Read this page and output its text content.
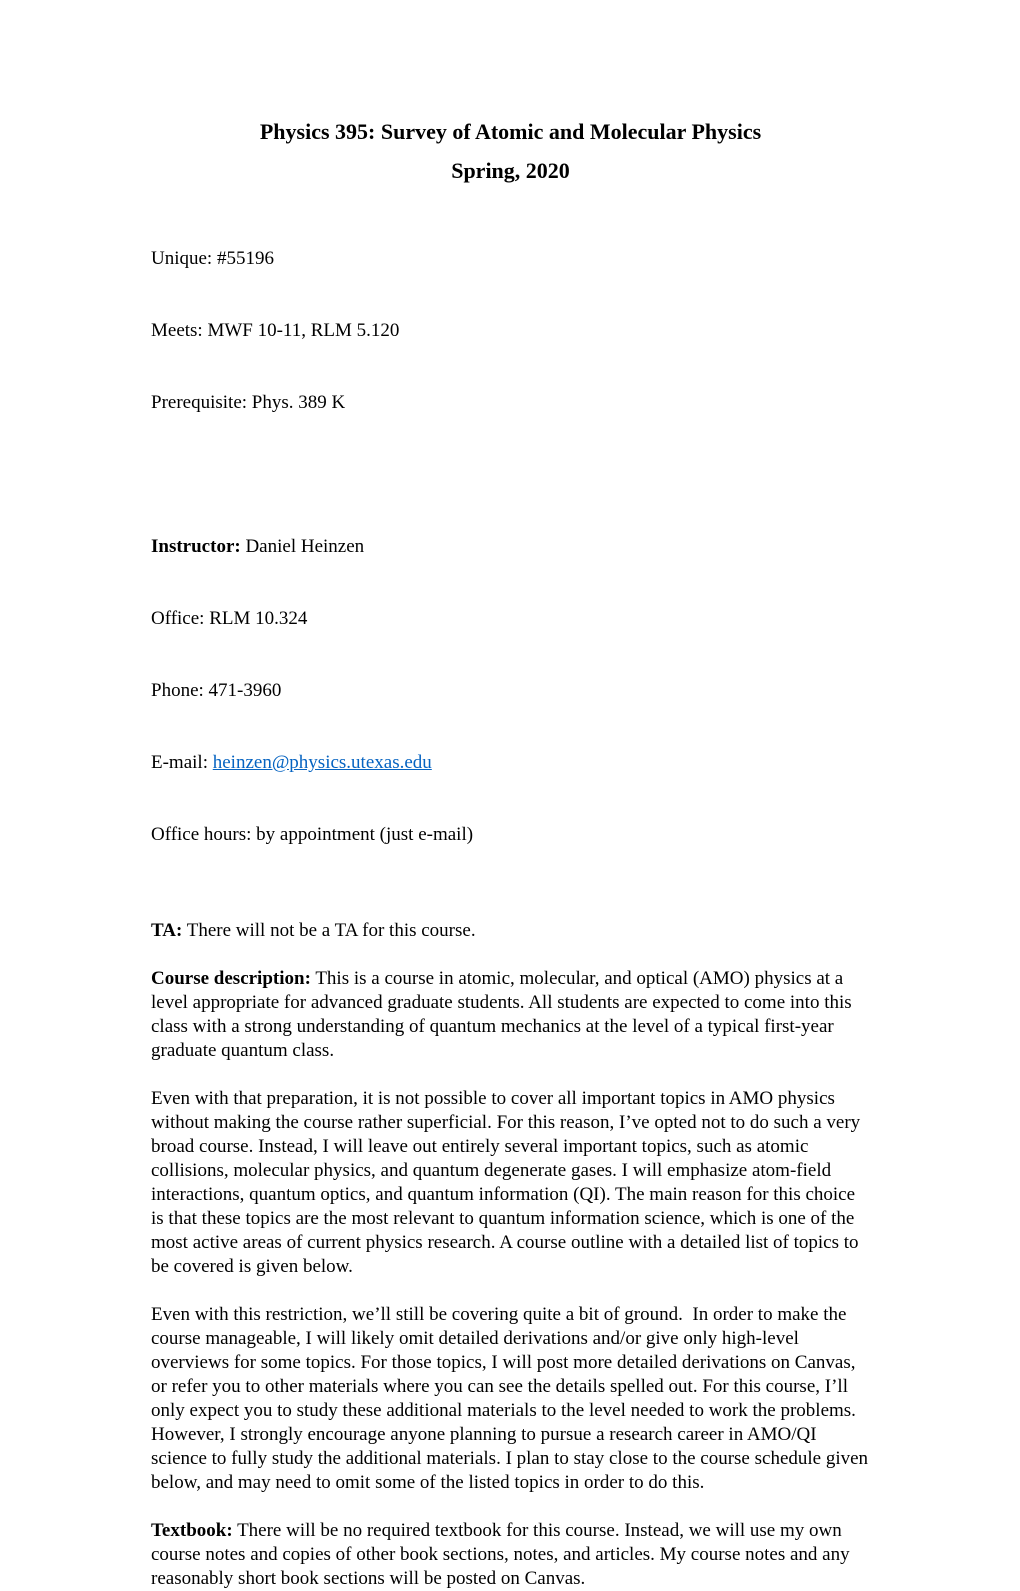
Physics 395: Survey of Atomic and Molecular Physics
Spring, 2020

Unique: #55196

Meets: MWF 10-11, RLM 5.120

Prerequisite: Phys. 389 K

Instructor: Daniel Heinzen

Office: RLM 10.324

Phone: 471-3960

E-mail: heinzen@physics.utexas.edu

Office hours: by appointment (just e-mail)

TA: There will not be a TA for this course.

Course description: This is a course in atomic, molecular, and optical (AMO) physics at a level appropriate for advanced graduate students. All students are expected to come into this class with a strong understanding of quantum mechanics at the level of a typical first-year graduate quantum class.

Even with that preparation, it is not possible to cover all important topics in AMO physics without making the course rather superficial. For this reason, I’ve opted not to do such a very broad course. Instead, I will leave out entirely several important topics, such as atomic collisions, molecular physics, and quantum degenerate gases. I will emphasize atom-field interactions, quantum optics, and quantum information (QI). The main reason for this choice is that these topics are the most relevant to quantum information science, which is one of the most active areas of current physics research. A course outline with a detailed list of topics to be covered is given below.

Even with this restriction, we’ll still be covering quite a bit of ground.  In order to make the course manageable, I will likely omit detailed derivations and/or give only high-level overviews for some topics. For those topics, I will post more detailed derivations on Canvas, or refer you to other materials where you can see the details spelled out. For this course, I’ll only expect you to study these additional materials to the level needed to work the problems. However, I strongly encourage anyone planning to pursue a research career in AMO/QI science to fully study the additional materials. I plan to stay close to the course schedule given below, and may need to omit some of the listed topics in order to do this.

Textbook: There will be no required textbook for this course. Instead, we will use my own course notes and copies of other book sections, notes, and articles. My course notes and any reasonably short book sections will be posted on Canvas.
